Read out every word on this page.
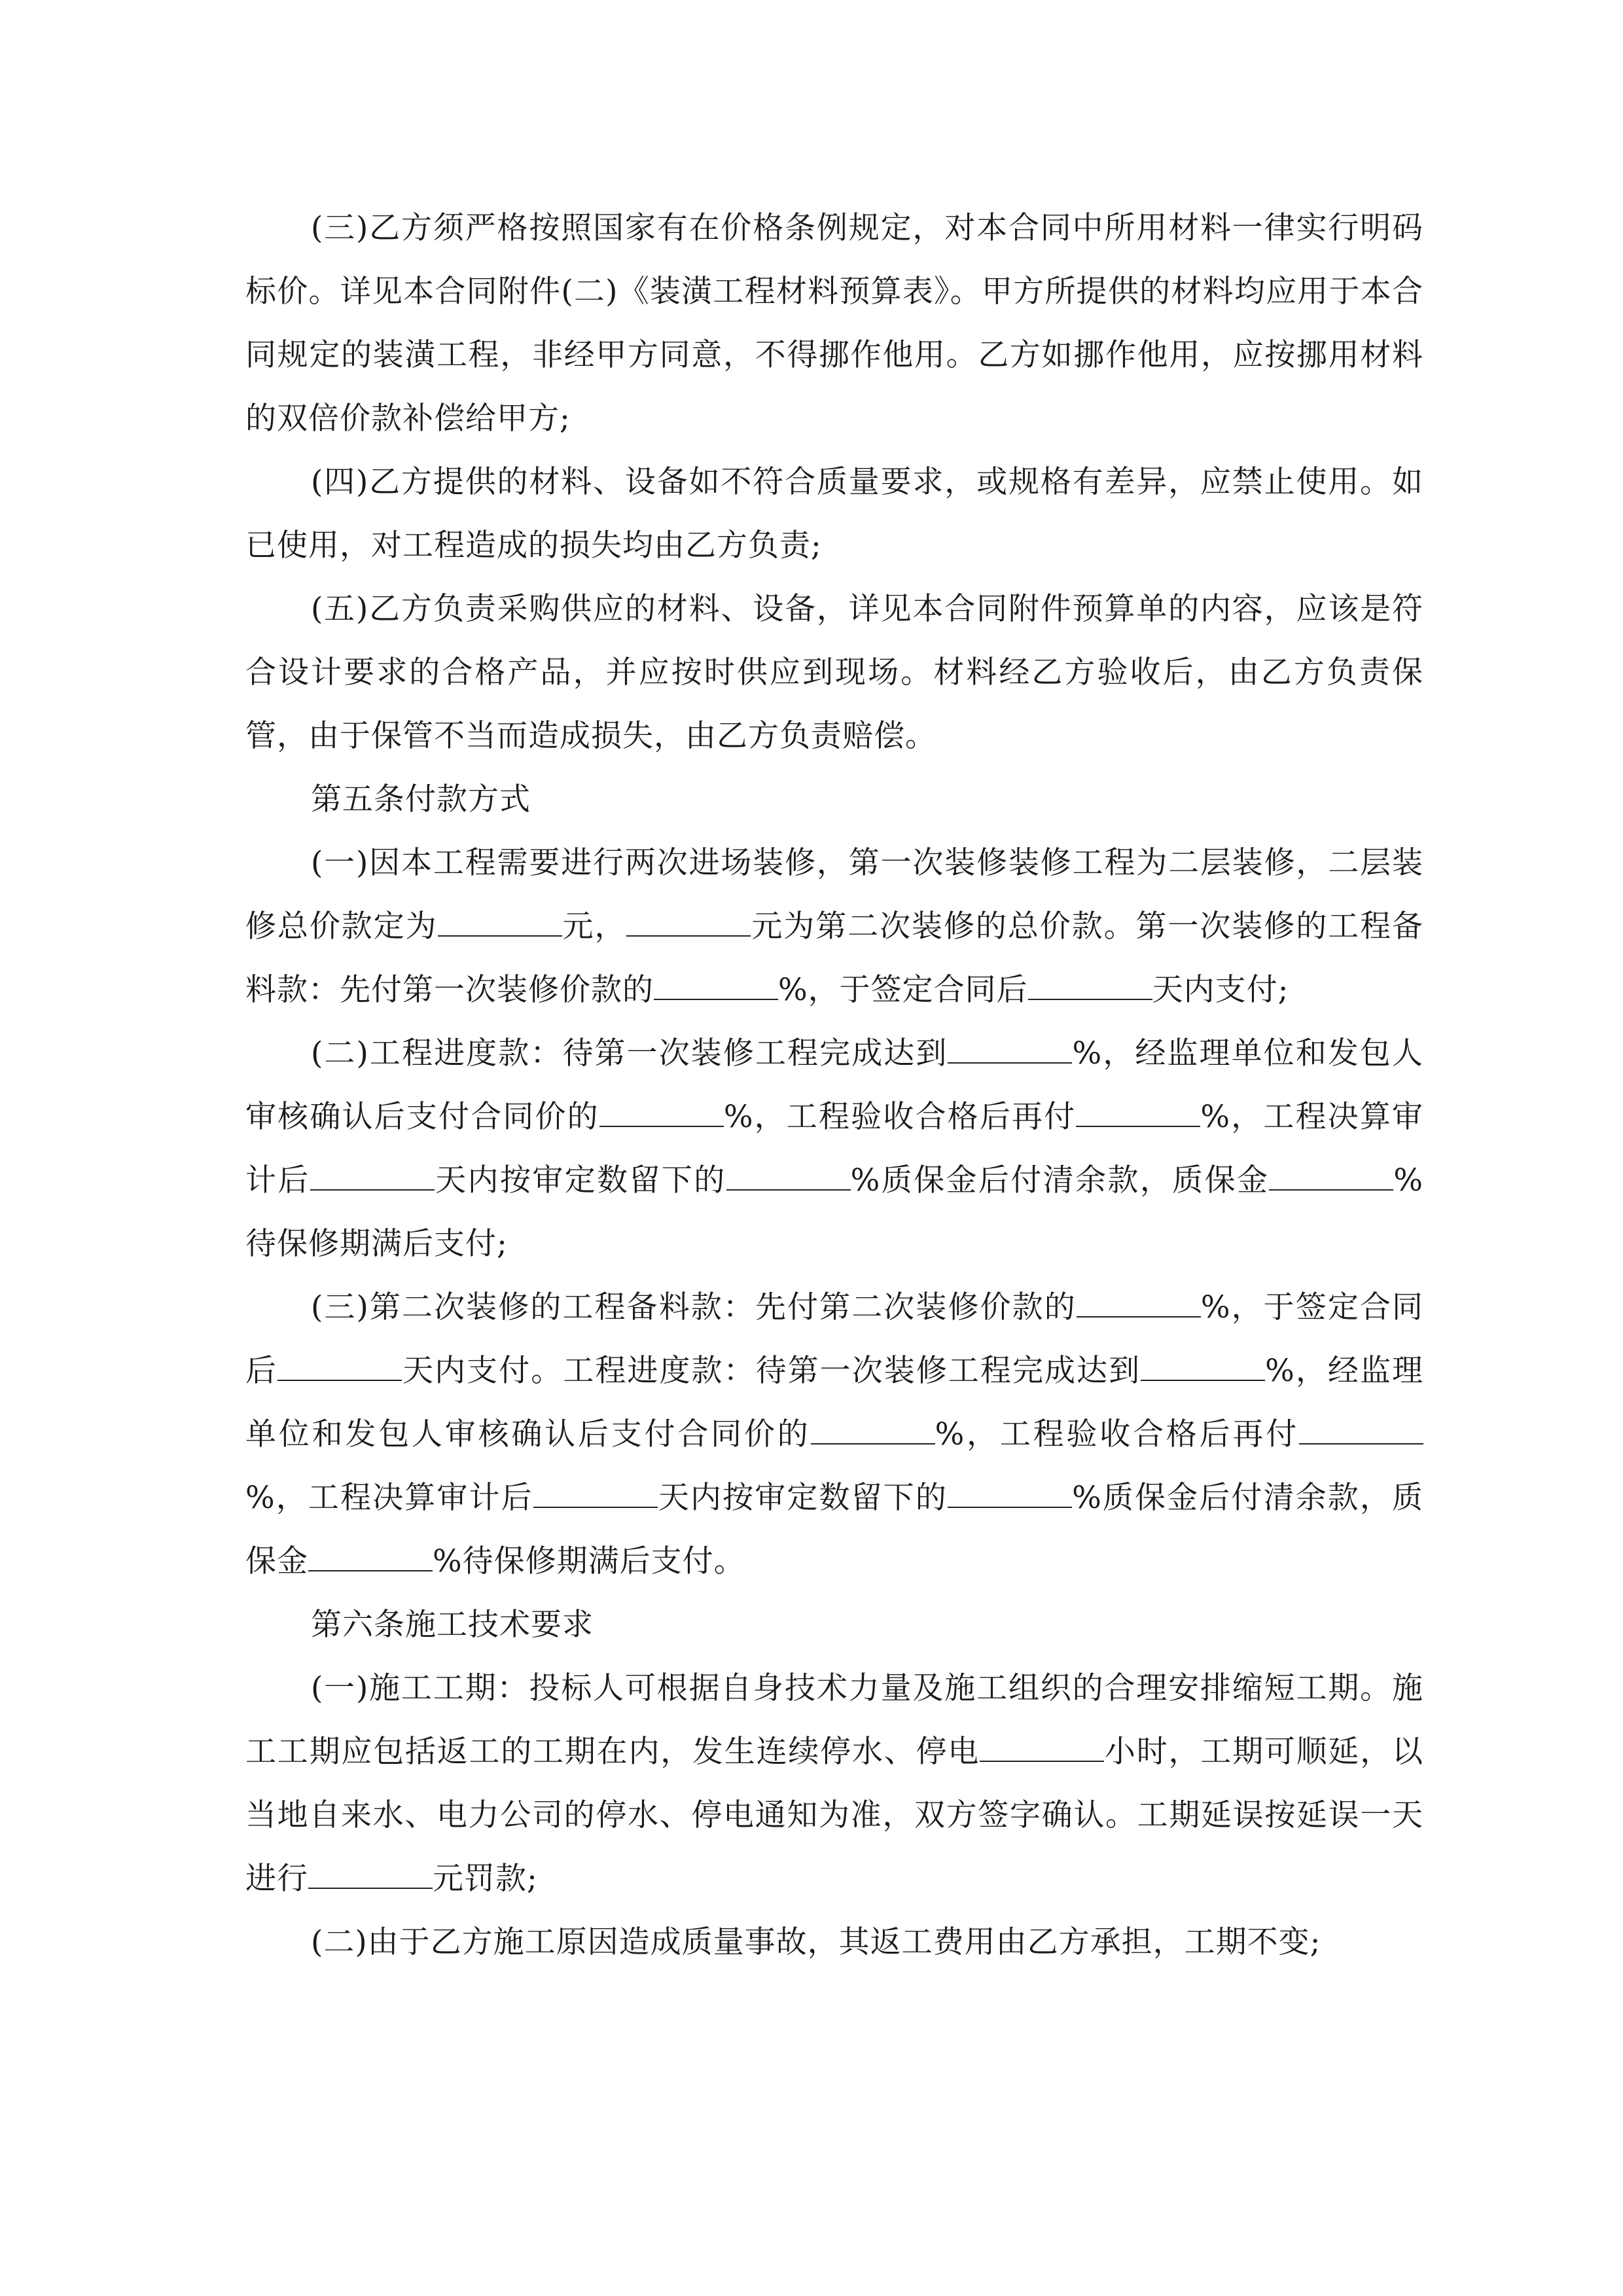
(三)乙方须严格按照国家有在价格条例规定，对本合同中所用材料一律实行明码标价。详见本合同附件(二)《装潢工程材料预算表》。甲方所提供的材料均应用于本合同规定的装潢工程，非经甲方同意，不得挪作他用。乙方如挪作他用，应按挪用材料的双倍价款补偿给甲方;

(四)乙方提供的材料、设备如不符合质量要求，或规格有差异，应禁止使用。如已使用，对工程造成的损失均由乙方负责;

(五)乙方负责采购供应的材料、设备，详见本合同附件预算单的内容，应该是符合设计要求的合格产品，并应按时供应到现场。材料经乙方验收后，由乙方负责保管，由于保管不当而造成损失，由乙方负责赔偿。

第五条付款方式

(一)因本工程需要进行两次进场装修，第一次装修装修工程为二层装修，二层装修总价款定为	元，	元为第二次装修的总价款。第一次装修的工程备料款：先付第一次装修价款的	%，于签定合同后	天内支付;

(二)工程进度款：待第一次装修工程完成达到	%，经监理单位和发包人审核确认后支付合同价的	%，工程验收合格后再付	%，工程决算审计后	天内按审定数留下的	%质保金后付清余款，质保金	%待保修期满后支付;

(三)第二次装修的工程备料款：先付第二次装修价款的	%，于签定合同后	天内支付。工程进度款：待第一次装修工程完成达到	%，经监理单位和发包人审核确认后支付合同价的	%，工程验收合格后再付%，工程决算审计后	天内按审定数留下的	%质保金后付清余款，质保金	%待保修期满后支付。

第六条施工技术要求

(一)施工工期：投标人可根据自身技术力量及施工组织的合理安排缩短工期。施工工期应包括返工的工期在内，发生连续停水、停电	小时，工期可顺延，以当地自来水、电力公司的停水、停电通知为准，双方签字确认。工期延误按延误一天进行	元罚款;

(二)由于乙方施工原因造成质量事故，其返工费用由乙方承担，工期不变;
